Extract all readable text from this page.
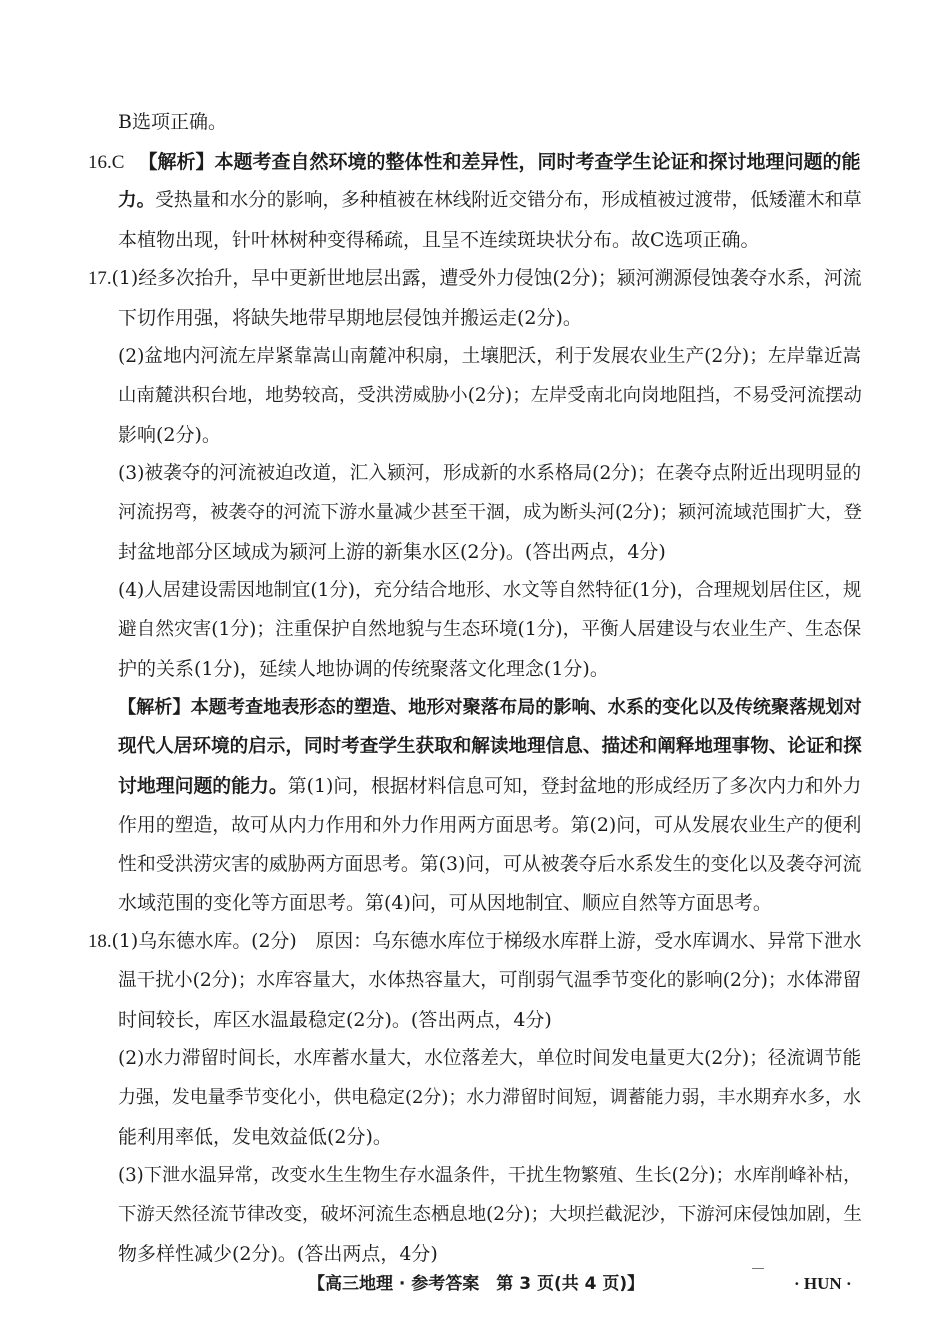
B选项正确。
16.C 【解析】本题考查自然环境的整体性和差异性，同时考查学生论证和探讨地理问题的能
力。受热量和水分的影响，多种植被在林线附近交错分布，形成植被过渡带，低矮灌木和草
本植物出现，针叶林树种变得稀疏，且呈不连续斑块状分布。故C选项正确。
17.(1)经多次抬升，早中更新世地层出露，遭受外力侵蚀(2分)；颍河溯源侵蚀袭夺水系，河流
下切作用强，将缺失地带早期地层侵蚀并搬运走(2分)。
(2)盆地内河流左岸紧靠嵩山南麓冲积扇，土壤肥沃，利于发展农业生产(2分)；左岸靠近嵩
山南麓洪积台地，地势较高，受洪涝威胁小(2分)；左岸受南北向岗地阻挡，不易受河流摆动
影响(2分)。
(3)被袭夺的河流被迫改道，汇入颍河，形成新的水系格局(2分)；在袭夺点附近出现明显的
河流拐弯，被袭夺的河流下游水量减少甚至干涸，成为断头河(2分)；颍河流域范围扩大，登
封盆地部分区域成为颍河上游的新集水区(2分)。(答出两点，4分)
(4)人居建设需因地制宜(1分)，充分结合地形、水文等自然特征(1分)，合理规划居住区，规
避自然灾害(1分)；注重保护自然地貌与生态环境(1分)，平衡人居建设与农业生产、生态保
护的关系(1分)，延续人地协调的传统聚落文化理念(1分)。
【解析】本题考查地表形态的塑造、地形对聚落布局的影响、水系的变化以及传统聚落规划对
现代人居环境的启示，同时考查学生获取和解读地理信息、描述和阐释地理事物、论证和探
讨地理问题的能力。第(1)问，根据材料信息可知，登封盆地的形成经历了多次内力和外力
作用的塑造，故可从内力作用和外力作用两方面思考。第(2)问，可从发展农业生产的便利
性和受洪涝灾害的威胁两方面思考。第(3)问，可从被袭夺后水系发生的变化以及袭夺河流
水域范围的变化等方面思考。第(4)问，可从因地制宜、顺应自然等方面思考。
18.(1)乌东德水库。(2分)　原因：乌东德水库位于梯级水库群上游，受水库调水、异常下泄水
温干扰小(2分)；水库容量大，水体热容量大，可削弱气温季节变化的影响(2分)；水体滞留
时间较长，库区水温最稳定(2分)。(答出两点，4分)
(2)水力滞留时间长，水库蓄水量大，水位落差大，单位时间发电量更大(2分)；径流调节能
力强，发电量季节变化小，供电稳定(2分)；水力滞留时间短，调蓄能力弱，丰水期弃水多，水
能利用率低，发电效益低(2分)。
(3)下泄水温异常，改变水生生物生存水温条件，干扰生物繁殖、生长(2分)；水库削峰补枯，
下游天然径流节律改变，破坏河流生态栖息地(2分)；大坝拦截泥沙，下游河床侵蚀加剧，生
物多样性减少(2分)。(答出两点，4分)
【高三地理 · 参考答案　第 3 页(共 4 页)】	· HUN ·
